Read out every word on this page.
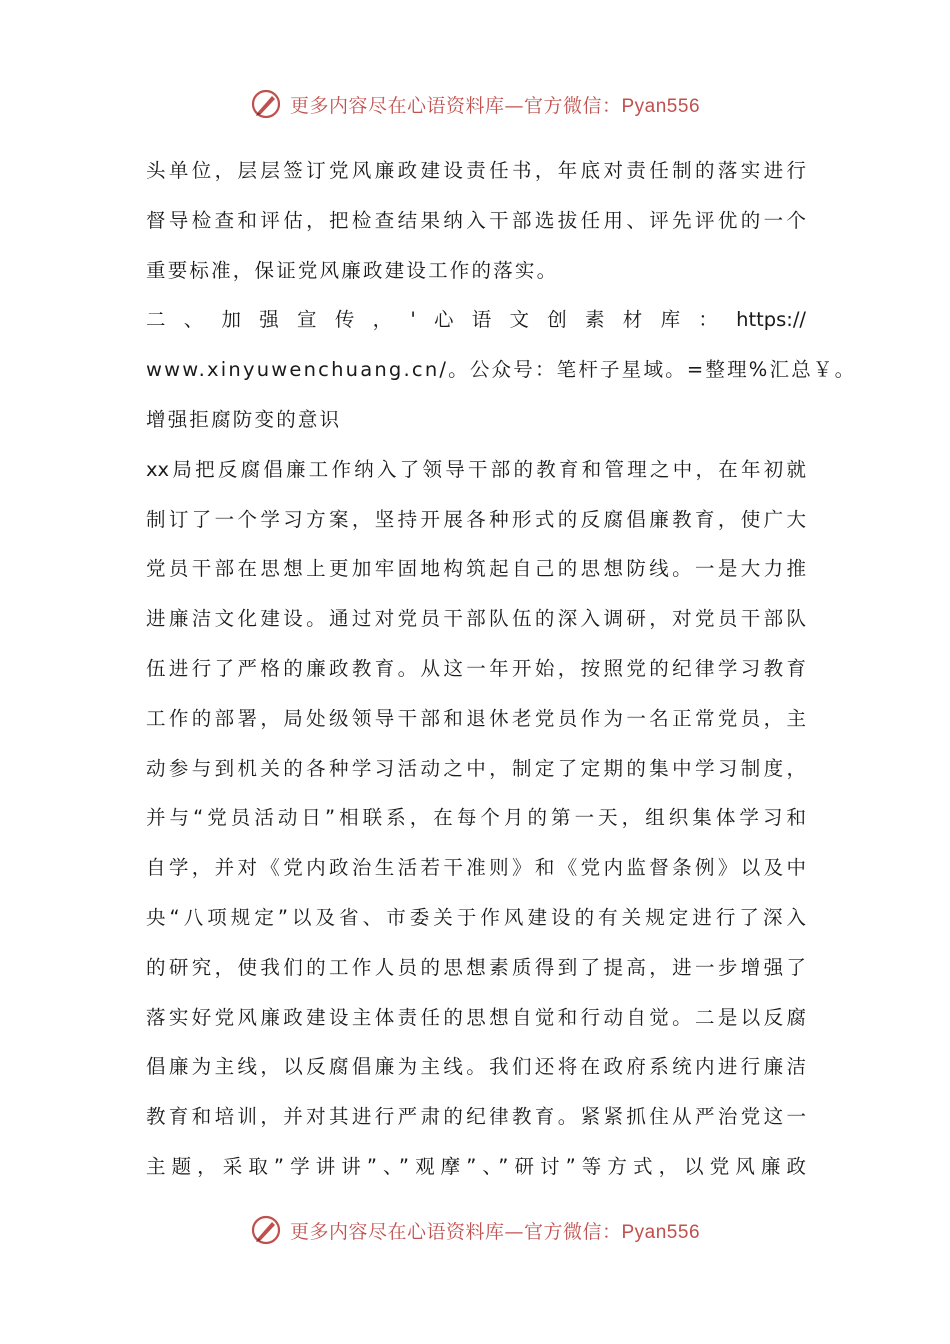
更多内容尽在心语资料库—官方微信：Pyan556
头单位，层层签订党风廉政建设责任书，年底对责任制的落实进行
督导检查和评估，把检查结果纳入干部选拔任用、评先评优的一个
重要标准，保证党风廉政建设工作的落实。
二、加强宣传，'心语文创素材库：https://
www.xinyuwenchuang.cn/。公众号：笔杆子星域。=整理%汇总￥。
增强拒腐防变的意识
xx局把反腐倡廉工作纳入了领导干部的教育和管理之中，在年初就
制订了一个学习方案，坚持开展各种形式的反腐倡廉教育，使广大
党员干部在思想上更加牢固地构筑起自己的思想防线。一是大力推
进廉洁文化建设。通过对党员干部队伍的深入调研，对党员干部队
伍进行了严格的廉政教育。从这一年开始，按照党的纪律学习教育
工作的部署，局处级领导干部和退休老党员作为一名正常党员，主
动参与到机关的各种学习活动之中，制定了定期的集中学习制度，
并与“党员活动日”相联系，在每个月的第一天，组织集体学习和
自学，并对《党内政治生活若干准则》和《党内监督条例》以及中
央“八项规定”以及省、市委关于作风建设的有关规定进行了深入
的研究，使我们的工作人员的思想素质得到了提高，进一步增强了
落实好党风廉政建设主体责任的思想自觉和行动自觉。二是以反腐
倡廉为主线，以反腐倡廉为主线。我们还将在政府系统内进行廉洁
教育和培训，并对其进行严肃的纪律教育。紧紧抓住从严治党这一
主题，采取”学讲讲”、”观摩”、”研讨”等方式，以党风廉政
更多内容尽在心语资料库—官方微信：Pyan556
